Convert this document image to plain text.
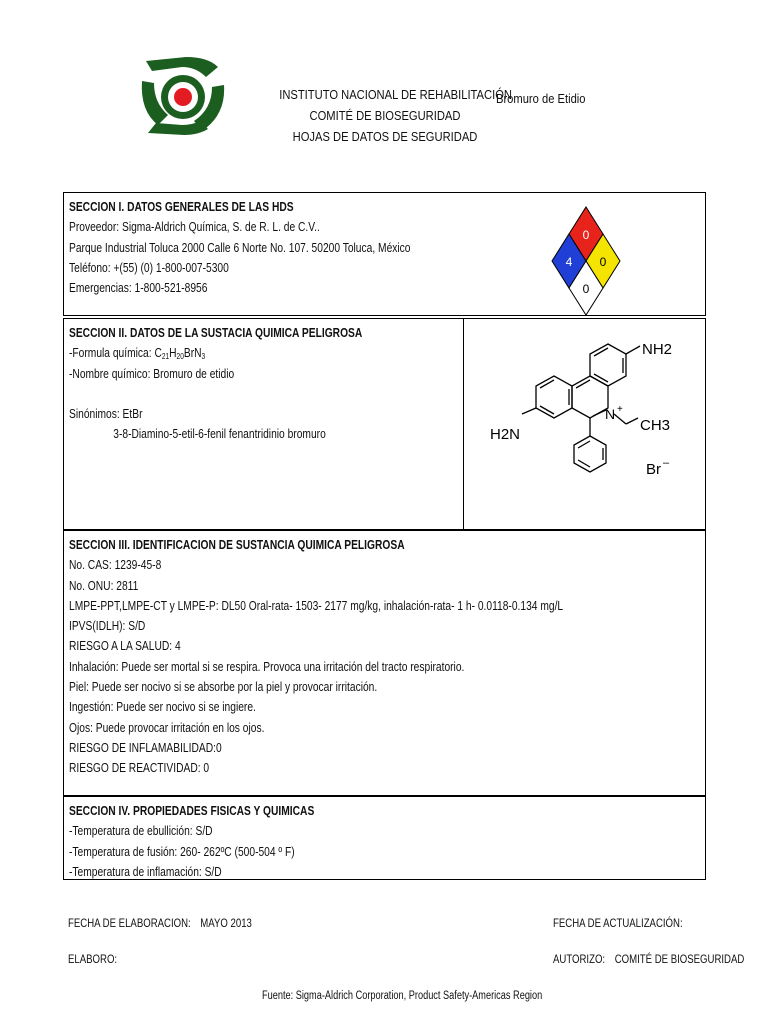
INSTITUTO NACIONAL DE REHABILITACIÓN
COMITÉ DE BIOSEGURIDAD
HOJAS DE DATOS DE SEGURIDAD
Bromuro de Etidio
SECCION I. DATOS GENERALES DE LAS HDS
Proveedor: Sigma-Aldrich Química, S. de R. L. de C.V..
Parque Industrial Toluca 2000 Calle 6 Norte No. 107. 50200 Toluca, México
Teléfono: +(55) (0) 1-800-007-5300
Emergencias: 1-800-521-8956
0
4 0
0
SECCION II. DATOS DE LA SUSTACIA QUIMICA PELIGROSA
-Formula química: $C_{21}H_{20}BrN_3$
-Nombre químico: Bromuro de etidio
Sinónimos: EtBr
3-8-Diamino-5-etil-6-fenil fenantridinio bromuro
NH2
H2N
N +
CH3
Br –
SECCION III. IDENTIFICACION DE SUSTANCIA QUIMICA PELIGROSA
No. CAS: 1239-45-8
No. ONU: 2811
LMPE-PPT,LMPE-CT y LMPE-P: DL50 Oral-rata- 1503- 2177 mg/kg, inhalación-rata- 1 h- 0.0118-0.134 mg/L
IPVS(IDLH): S/D
RIESGO A LA SALUD: 4
Inhalación: Puede ser mortal si se respira. Provoca una irritación del tracto respiratorio.
Piel: Puede ser nocivo si se absorbe por la piel y provocar irritación.
Ingestión: Puede ser nocivo si se ingiere.
Ojos: Puede provocar irritación en los ojos.
RIESGO DE INFLAMABILIDAD:0
RIESGO DE REACTIVIDAD: 0
SECCION IV. PROPIEDADES FISICAS Y QUIMICAS
-Temperatura de ebullición: S/D
-Temperatura de fusión: 260- 262ºC (500-504 º F)
-Temperatura de inflamación: S/D
FECHA DE ELABORACION: MAYO 2013
ELABORO:
FECHA DE ACTUALIZACIÓN:
AUTORIZO: COMITÉ DE BIOSEGURIDAD
Fuente: Sigma-Aldrich Corporation, Product Safety-Americas Region
